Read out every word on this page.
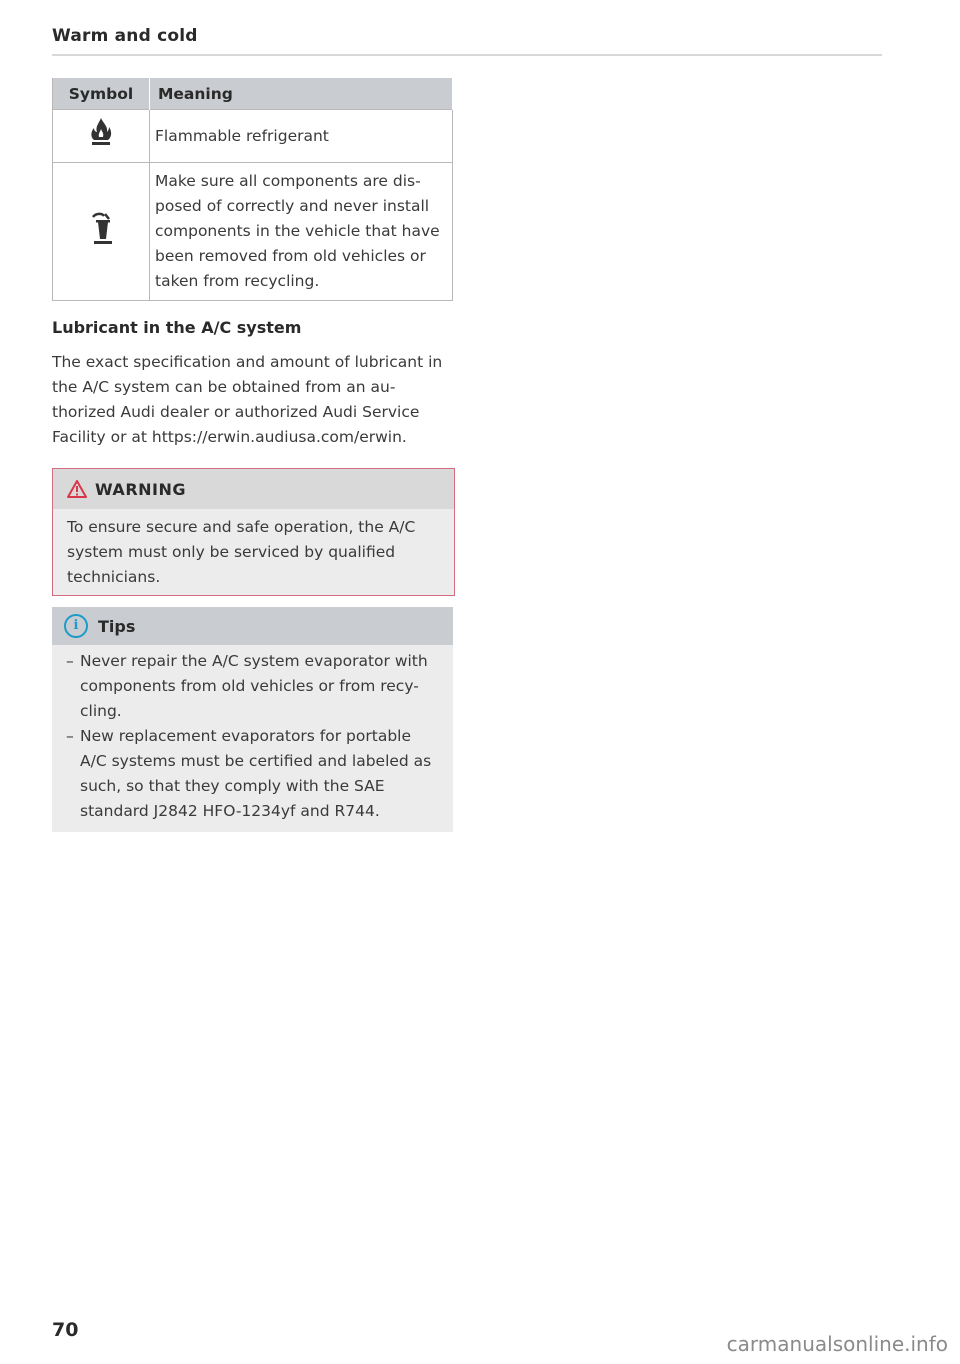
Warm and cold
Symbol	Meaning
	Flammable refrigerant
	Make sure all components are dis- posed of correctly and never install components in the vehicle that have been removed from old vehicles or taken from recycling.
Lubricant in the A/C system
The exact specification and amount of lubricant in the A/C system can be obtained from an au- thorized Audi dealer or authorized Audi Service Facility or at https://erwin.audiusa.com/erwin.
WARNING
To ensure secure and safe operation, the A/C system must only be serviced by qualified technicians.
i	Tips
– Never repair the A/C system evaporator with components from old vehicles or from recy- cling.
– New replacement evaporators for portable A/C systems must be certified and labeled as such, so that they comply with the SAE standard J2842 HFO-1234yf and R744.
70
carmanualsonline.info
